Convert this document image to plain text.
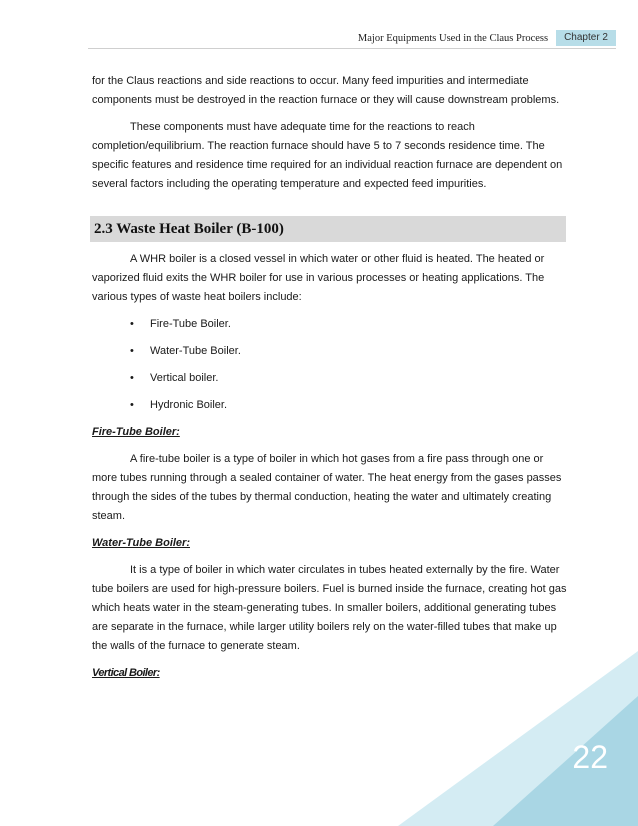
Major Equipments Used in the Claus Process	Chapter 2

for the Claus reactions and side reactions to occur. Many feed impurities and intermediate components must be destroyed in the reaction furnace or they will cause downstream problems.

These components must have adequate time for the reactions to reach completion/equilibrium. The reaction furnace should have 5 to 7 seconds residence time. The specific features and residence time required for an individual reaction furnace are dependent on several factors including the operating temperature and expected feed impurities.

2.3 Waste Heat Boiler (B-100)

A WHR boiler is a closed vessel in which water or other fluid is heated. The heated or vaporized fluid exits the WHR boiler for use in various processes or heating applications. The various types of waste heat boilers include:

• Fire-Tube Boiler.
• Water-Tube Boiler.
• Vertical boiler.
• Hydronic Boiler.
Fire-Tube Boiler:

A fire-tube boiler is a type of boiler in which hot gases from a fire pass through one or more tubes running through a sealed container of water. The heat energy from the gases passes through the sides of the tubes by thermal conduction, heating the water and ultimately creating steam.

Water-Tube Boiler:

It is a type of boiler in which water circulates in tubes heated externally by the fire. Water tube boilers are used for high-pressure boilers. Fuel is burned inside the furnace, creating hot gas which heats water in the steam-generating tubes. In smaller boilers, additional generating tubes are separate in the furnace, while larger utility boilers rely on the water-filled tubes that make up the walls of the furnace to generate steam.

Vertical Boiler:
22
